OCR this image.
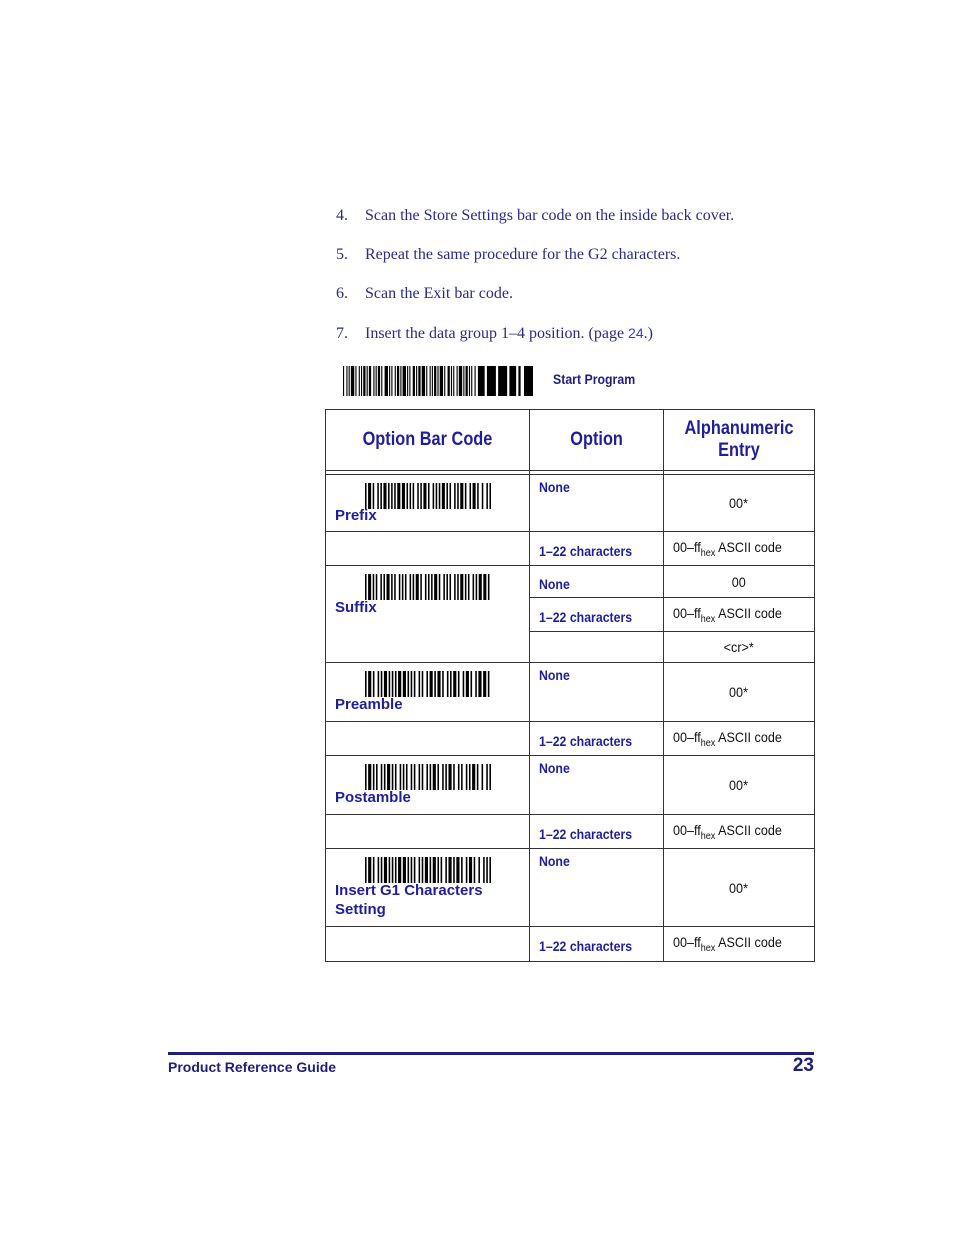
4. Scan the Store Settings bar code on the inside back cover.
5. Repeat the same procedure for the G2 characters.
6. Scan the Exit bar code.
7. Insert the data group 1–4 position. (page 24.)
Start Program
Option Bar Code	Option	Alphanumeric Entry

Prefix	None	00*
	1–22 characters	$00-ff_{hex}$ ASCII code

Suffix	None	00
	1–22 characters	$00-ff_{hex}$ ASCII code
		<cr>*

Preamble	None	00*
	1–22 characters	$00-ff_{hex}$ ASCII code

Postamble	None	00*
	1–22 characters	$00-ff_{hex}$ ASCII code

Insert G1 Characters
Setting	None	00*
	1–22 characters	$00-ff_{hex}$ ASCII code
Product Reference Guide	23
